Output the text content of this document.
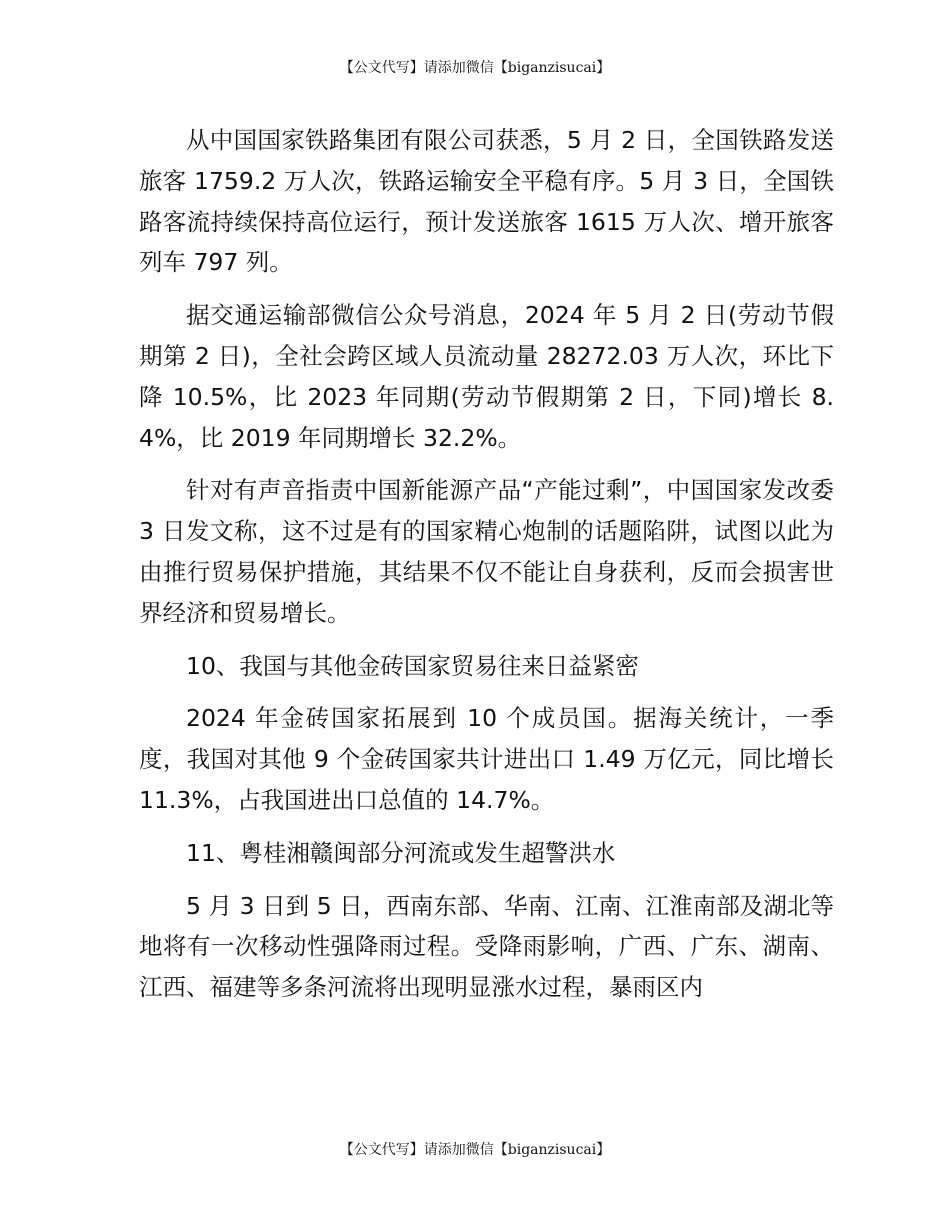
【公文代写】请添加微信【biganzisucai】

从中国国家铁路集团有限公司获悉，5 月 2 日，全国铁路发送旅客 1759.2 万人次，铁路运输安全平稳有序。5 月 3 日，全国铁路客流持续保持高位运行，预计发送旅客 1615 万人次、增开旅客列车 797 列。

据交通运输部微信公众号消息，2024 年 5 月 2 日(劳动节假期第 2 日)，全社会跨区域人员流动量 28272.03 万人次，环比下降 10.5%，比 2023 年同期(劳动节假期第 2 日，下同)增长 8.4%，比 2019 年同期增长 32.2%。

针对有声音指责中国新能源产品“产能过剩”，中国国家发改委 3 日发文称，这不过是有的国家精心炮制的话题陷阱，试图以此为由推行贸易保护措施，其结果不仅不能让自身获利，反而会损害世界经济和贸易增长。

10、我国与其他金砖国家贸易往来日益紧密

2024 年金砖国家拓展到 10 个成员国。据海关统计，一季度，我国对其他 9 个金砖国家共计进出口 1.49 万亿元，同比增长 11.3%，占我国进出口总值的 14.7%。

11、粤桂湘赣闽部分河流或发生超警洪水

5 月 3 日到 5 日，西南东部、华南、江南、江淮南部及湖北等地将有一次移动性强降雨过程。受降雨影响，广西、广东、湖南、江西、福建等多条河流将出现明显涨水过程，暴雨区内

【公文代写】请添加微信【biganzisucai】
